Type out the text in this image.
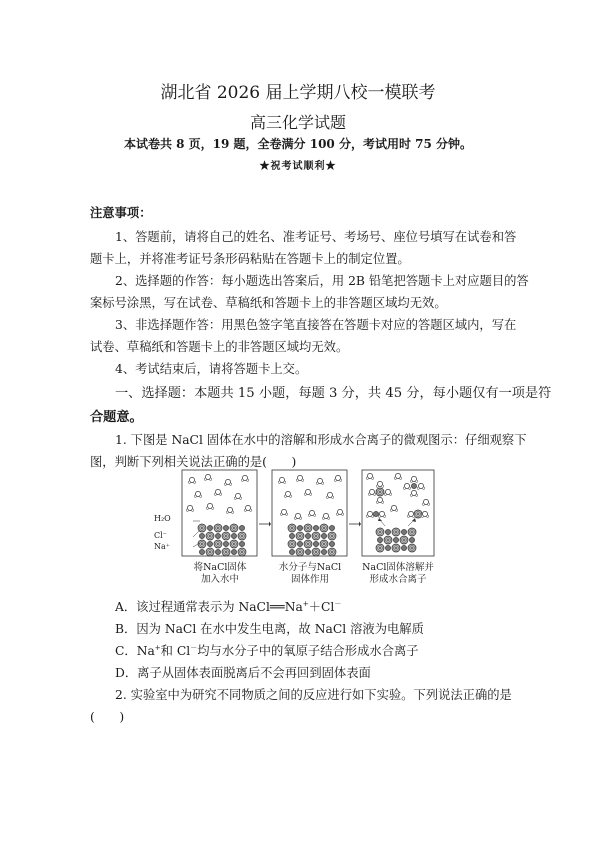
湖北省 2026 届上学期八校一模联考
高三化学试题
本试卷共 8 页，19 题，全卷满分 100 分，考试用时 75 分钟。
★祝考试顺利★
注意事项：
1、答题前，请将自己的姓名、准考证号、考场号、座位号填写在试卷和答
题卡上，并将准考证号条形码粘贴在答题卡上的制定位置。
2、选择题的作答：每小题选出答案后，用 2B 铅笔把答题卡上对应题目的答
案标号涂黑，写在试卷、草稿纸和答题卡上的非答题区域均无效。
3、非选择题作答：用黑色签字笔直接答在答题卡对应的答题区域内，写在
试卷、草稿纸和答题卡上的非答题区域均无效。
4、考试结束后，请将答题卡上交。
一、选择题：本题共 15 小题，每题 3 分，共 45 分，每小题仅有一项是符
合题意。
1. 下图是 NaCl 固体在水中的溶解和形成水合离子的微观图示：仔细观察下
图，判断下列相关说法正确的是(　　)
H₂O
Cl⁻
Na⁺
将NaCl固体
加入水中
水分子与NaCl
固体作用
NaCl固体溶解并
形成水合离子
A．该过程通常表示为 NaCl══Na+＋Cl－
B．因为 NaCl 在水中发生电离，故 NaCl 溶液为电解质
C．Na+和 Cl－均与水分子中的氧原子结合形成水合离子
D．离子从固体表面脱离后不会再回到固体表面
2. 实验室中为研究不同物质之间的反应进行如下实验。下列说法正确的是
(　　)
